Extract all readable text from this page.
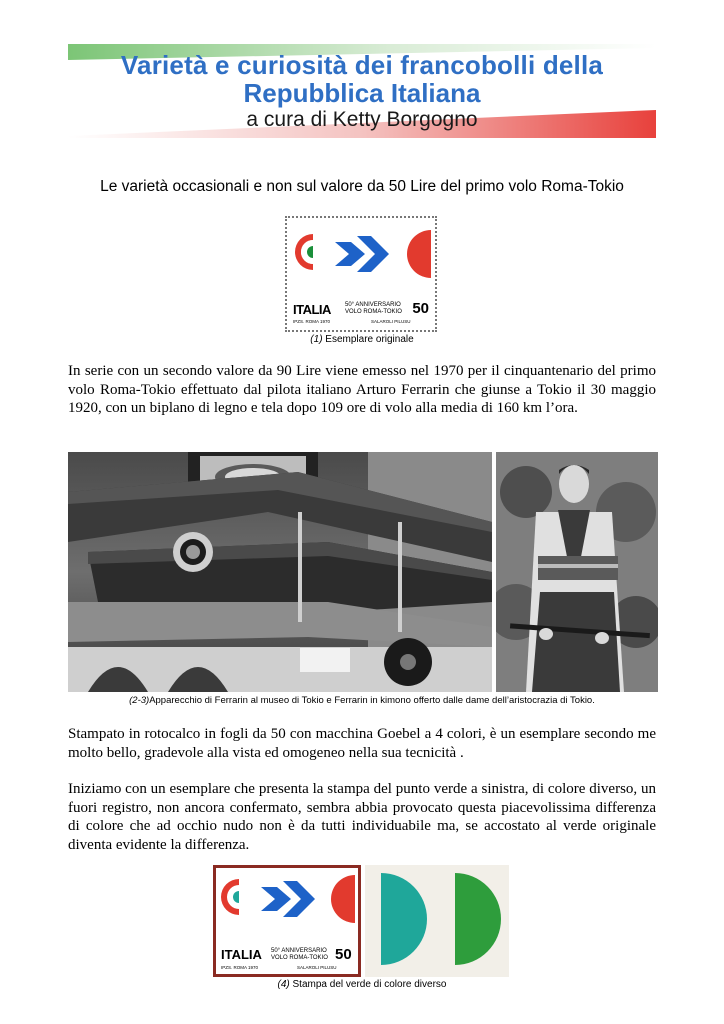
Varietà e curiosità dei francobolli della
Repubblica Italiana
a cura di Ketty Borgogno
Le varietà occasionali e non sul valore da 50 Lire del primo volo Roma-Tokio
ITALIA 50° ANNIVERSARIO
VOLO ROMA-TOKIO 50
IPZS. ROMA 1970	SALAROLI PILUSU
(1) Esemplare originale
In serie con un secondo valore da 90 Lire viene emesso nel 1970 per il cinquantenario del primo volo Roma-Tokio effettuato dal pilota italiano Arturo Ferrarin che giunse a Tokio il 30 maggio 1920, con un biplano di legno e tela dopo 109 ore di volo alla media di 160 km l’ora.
(2-3)Apparecchio di Ferrarin al museo di Tokio e Ferrarin in kimono offerto dalle dame dell’aristocrazia di Tokio.
Stampato in rotocalco in fogli da 50 con macchina Goebel a 4 colori, è un esemplare secondo me molto bello, gradevole alla vista ed omogeneo nella sua tecnicità .
Iniziamo con un esemplare che presenta la stampa del punto verde a sinistra, di colore diverso, un fuori registro, non ancora confermato, sembra abbia provocato questa piacevolissima differenza di colore che ad occhio nudo non è da tutti individuabile ma, se accostato al verde originale diventa evidente la differenza.
ITALIA 50° ANNIVERSARIO
VOLO ROMA-TOKIO 50
IPZS. ROMA 1970	SALAROLI PILUSU
(4) Stampa del verde di colore diverso
